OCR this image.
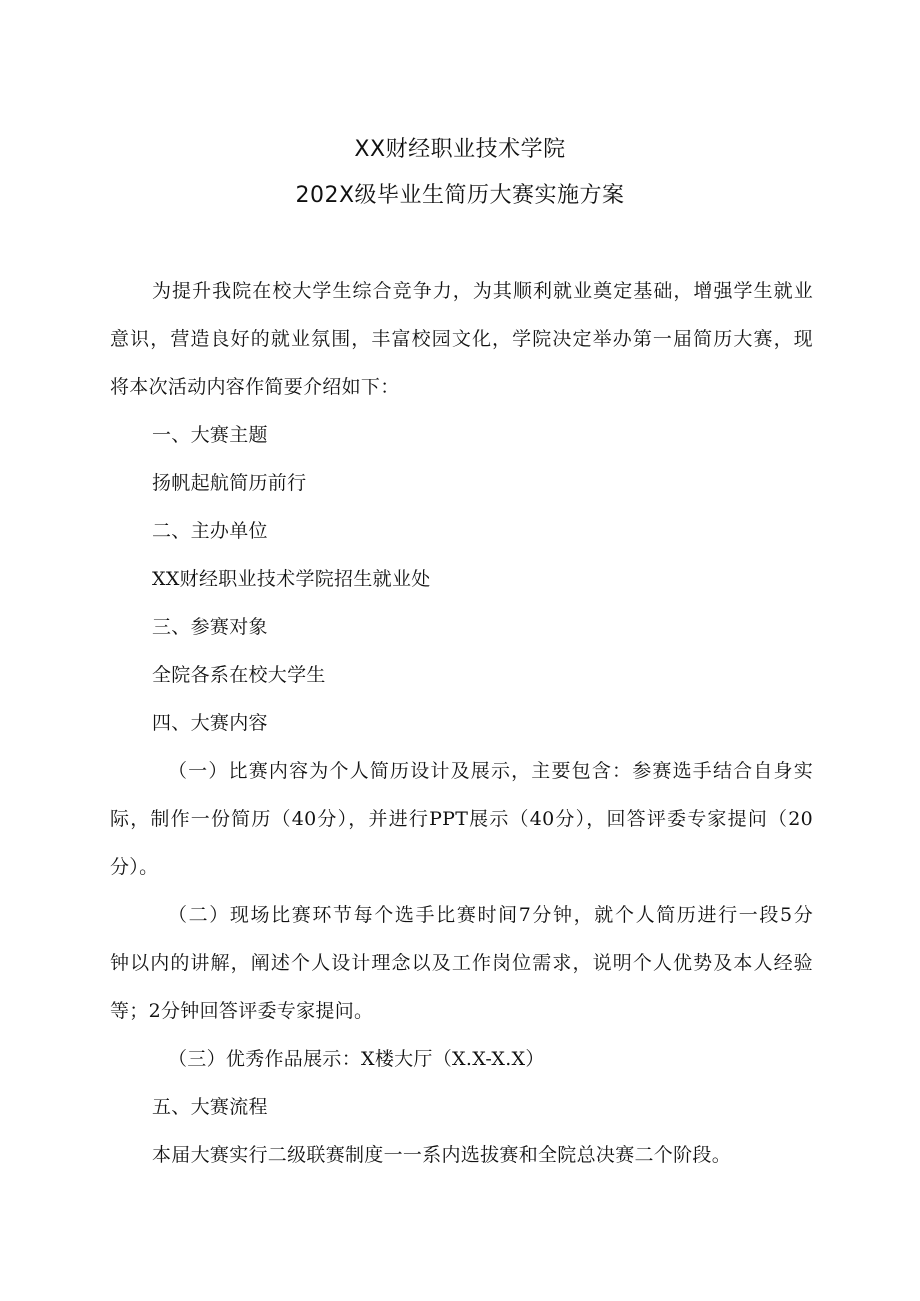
XX财经职业技术学院
202X级毕业生简历大赛实施方案
为提升我院在校大学生综合竞争力，为其顺利就业奠定基础，增强学生就业
意识，营造良好的就业氛围，丰富校园文化，学院决定举办第一届简历大赛，现
将本次活动内容作简要介绍如下：
一、大赛主题
扬帆起航简历前行
二、主办单位
XX财经职业技术学院招生就业处
三、参赛对象
全院各系在校大学生
四、大赛内容
（一）比赛内容为个人简历设计及展示，主要包含：参赛选手结合自身实
际，制作一份简历（40分），并进行PPT展示（40分），回答评委专家提问（20
分）。
（二）现场比赛环节每个选手比赛时间7分钟，就个人简历进行一段5分
钟以内的讲解，阐述个人设计理念以及工作岗位需求，说明个人优势及本人经验
等；2分钟回答评委专家提问。
（三）优秀作品展示：X楼大厅（X.X-X.X）
五、大赛流程
本届大赛实行二级联赛制度一一系内选拔赛和全院总决赛二个阶段。
